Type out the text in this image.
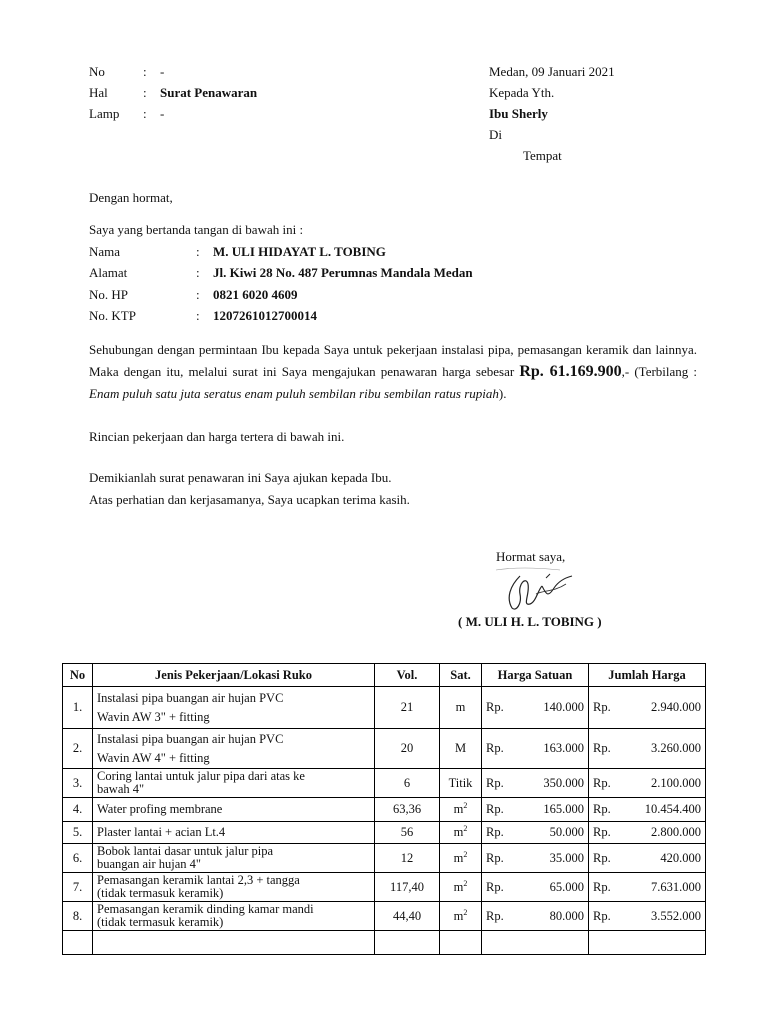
No	: -
Hal	: Surat Penawaran
Lamp : -
Medan, 09 Januari 2021
Kepada Yth.
Ibu Sherly
Di
Tempat
Dengan hormat,
Saya yang bertanda tangan di bawah ini :
Nama	: M. ULI HIDAYAT L. TOBING
Alamat	: Jl. Kiwi 28 No. 487 Perumnas Mandala Medan
No. HP	: 0821 6020 4609
No. KTP	: 1207261012700014
Sehubungan dengan permintaan Ibu kepada Saya untuk pekerjaan instalasi pipa, pemasangan keramik dan lainnya. Maka dengan itu, melalui surat ini Saya mengajukan penawaran harga sebesar Rp. 61.169.900,- (Terbilang : Enam puluh satu juta seratus enam puluh sembilan ribu sembilan ratus rupiah).
Rincian pekerjaan dan harga tertera di bawah ini.
Demikianlah surat penawaran ini Saya ajukan kepada Ibu.
Atas perhatian dan kerjasamanya, Saya ucapkan terima kasih.
Hormat saya,
( M. ULI H. L. TOBING )
No	Jenis Pekerjaan/Lokasi Ruko	Vol.	Sat.	Harga Satuan	Jumlah Harga
1.	Instalasi pipa buangan air hujan PVC
Wavin AW 3" + fitting	21	m	Rp. 140.000	Rp. 2.940.000

2.	Instalasi pipa buangan air hujan PVC
Wavin AW 4" + fitting	20	M	Rp. 163.000	Rp. 3.260.000

3.	Coring lantai untuk jalur pipa dari atas ke
bawah 4"	6	Titik	Rp. 350.000	Rp. 2.100.000

4.	Water profing membrane	63,36	$m^2$	Rp. 165.000	Rp. 10.454.400

5.	Plaster lantai + acian Lt.4	56	$m^2$	Rp. 50.000	Rp. 2.800.000

6.	Bobok lantai dasar untuk jalur pipa
buangan air hujan 4"	12	$m^2$	Rp. 35.000	Rp. 420.000

7.	Pemasangan keramik lantai 2,3 + tangga
(tidak termasuk keramik)	117,40	$m^2$	Rp. 65.000	Rp. 7.631.000

8.	Pemasangan keramik dinding kamar mandi
(tidak termasuk keramik)	44,40	$m^2$	Rp. 80.000	Rp. 3.552.000
